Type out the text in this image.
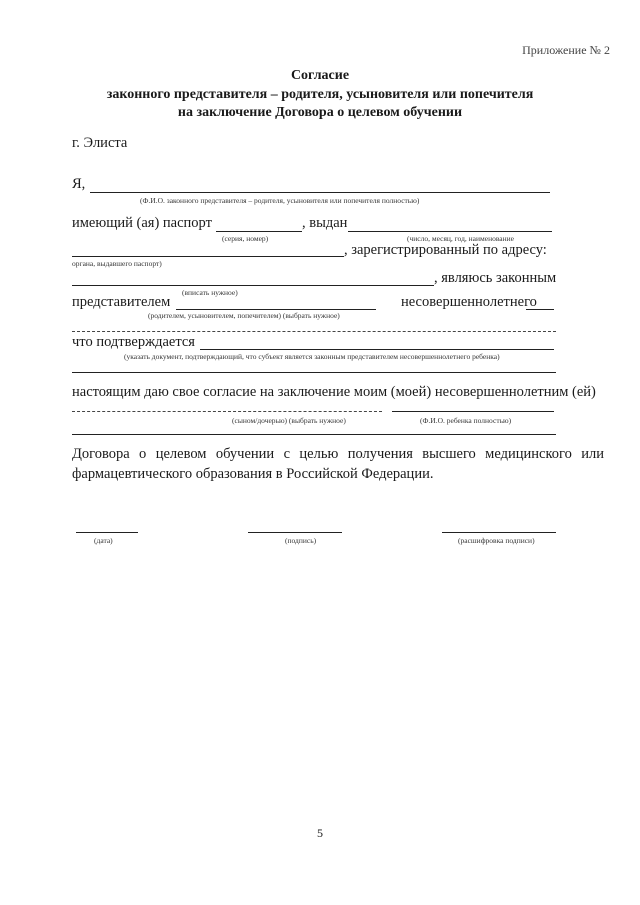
Приложение № 2
Согласие
законного представителя – родителя, усыновителя или попечителя
на заключение Договора о целевом обучении
г. Элиста
Я,
(Ф.И.О. законного представителя – родителя, усыновителя или попечителя полностью)
имеющий (ая) паспорт	, выдан
(серия, номер)	(число, месяц, год, наименование
, зарегистрированный по адресу:
органа, выдавшего паспорт)
, являюсь законным
(вписать нужное)
представителем	несовершеннолетнего
(родителем, усыновителем, попечителем) (выбрать нужное)
что подтверждается
(указать документ, подтверждающий, что субъект является законным представителем несовершеннолетнего ребенка)
настоящим даю свое согласие на заключение моим (моей) несовершеннолетним (ей)
(сыном/дочерью) (выбрать нужное)	(Ф.И.О. ребенка полностью)
Договора о целевом обучении с целью получения высшего медицинского или фармацевтического образования в Российской Федерации.
(дата)	(подпись)	(расшифровка подписи)
5
